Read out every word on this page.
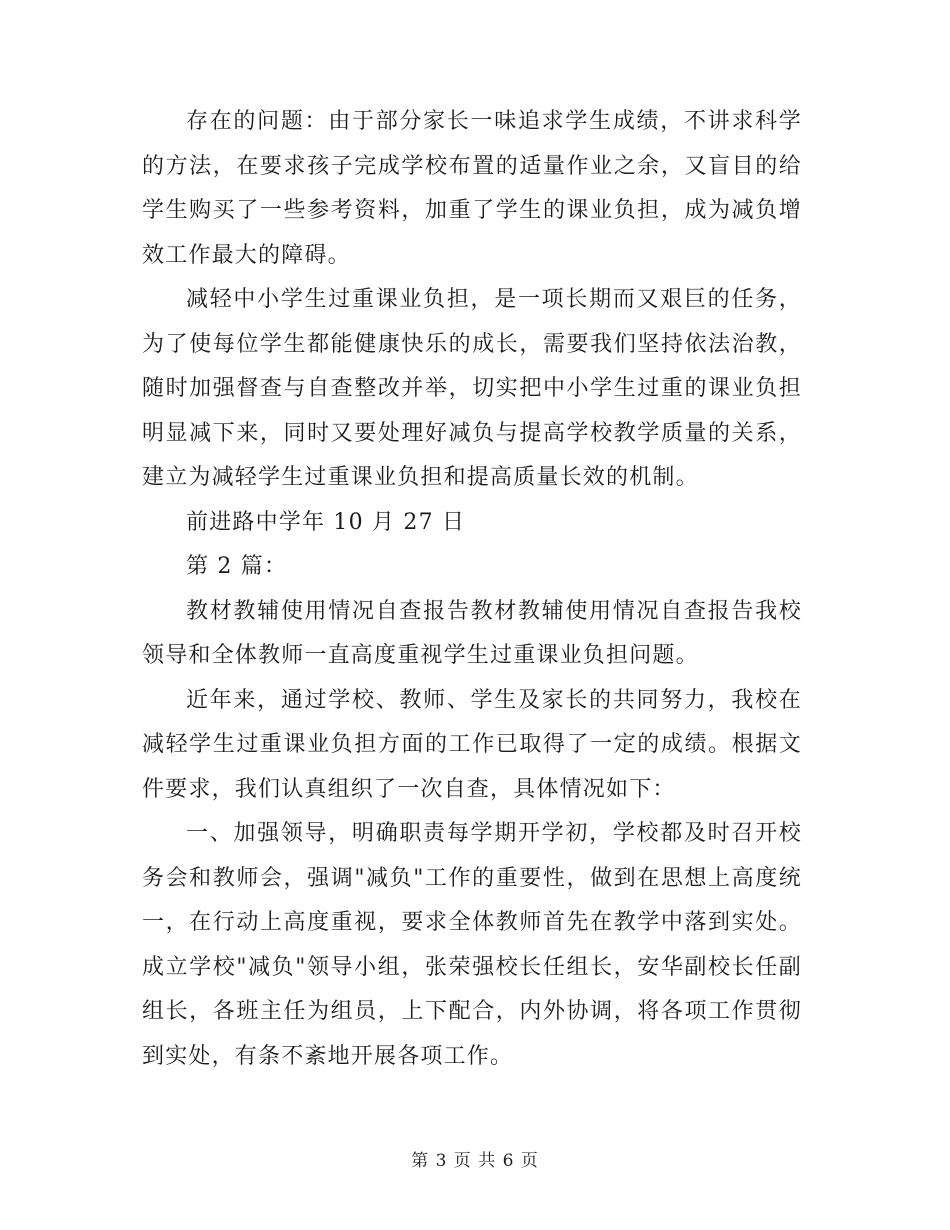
存在的问题：由于部分家长一味追求学生成绩，不讲求科学的方法，在要求孩子完成学校布置的适量作业之余，又盲目的给学生购买了一些参考资料，加重了学生的课业负担，成为减负增效工作最大的障碍。

减轻中小学生过重课业负担，是一项长期而又艰巨的任务，为了使每位学生都能健康快乐的成长，需要我们坚持依法治教，随时加强督查与自查整改并举，切实把中小学生过重的课业负担明显减下来，同时又要处理好减负与提高学校教学质量的关系，建立为减轻学生过重课业负担和提高质量长效的机制。

前进路中学年 10 月 27 日

第 2 篇：

教材教辅使用情况自查报告教材教辅使用情况自查报告我校领导和全体教师一直高度重视学生过重课业负担问题。

近年来，通过学校、教师、学生及家长的共同努力，我校在减轻学生过重课业负担方面的工作已取得了一定的成绩。根据文件要求，我们认真组织了一次自查，具体情况如下：

一、加强领导，明确职责每学期开学初，学校都及时召开校务会和教师会，强调"减负"工作的重要性，做到在思想上高度统一，在行动上高度重视，要求全体教师首先在教学中落到实处。成立学校"减负"领导小组，张荣强校长任组长，安华副校长任副组长，各班主任为组员，上下配合，内外协调，将各项工作贯彻到实处，有条不紊地开展各项工作。

第 3 页 共 6 页
